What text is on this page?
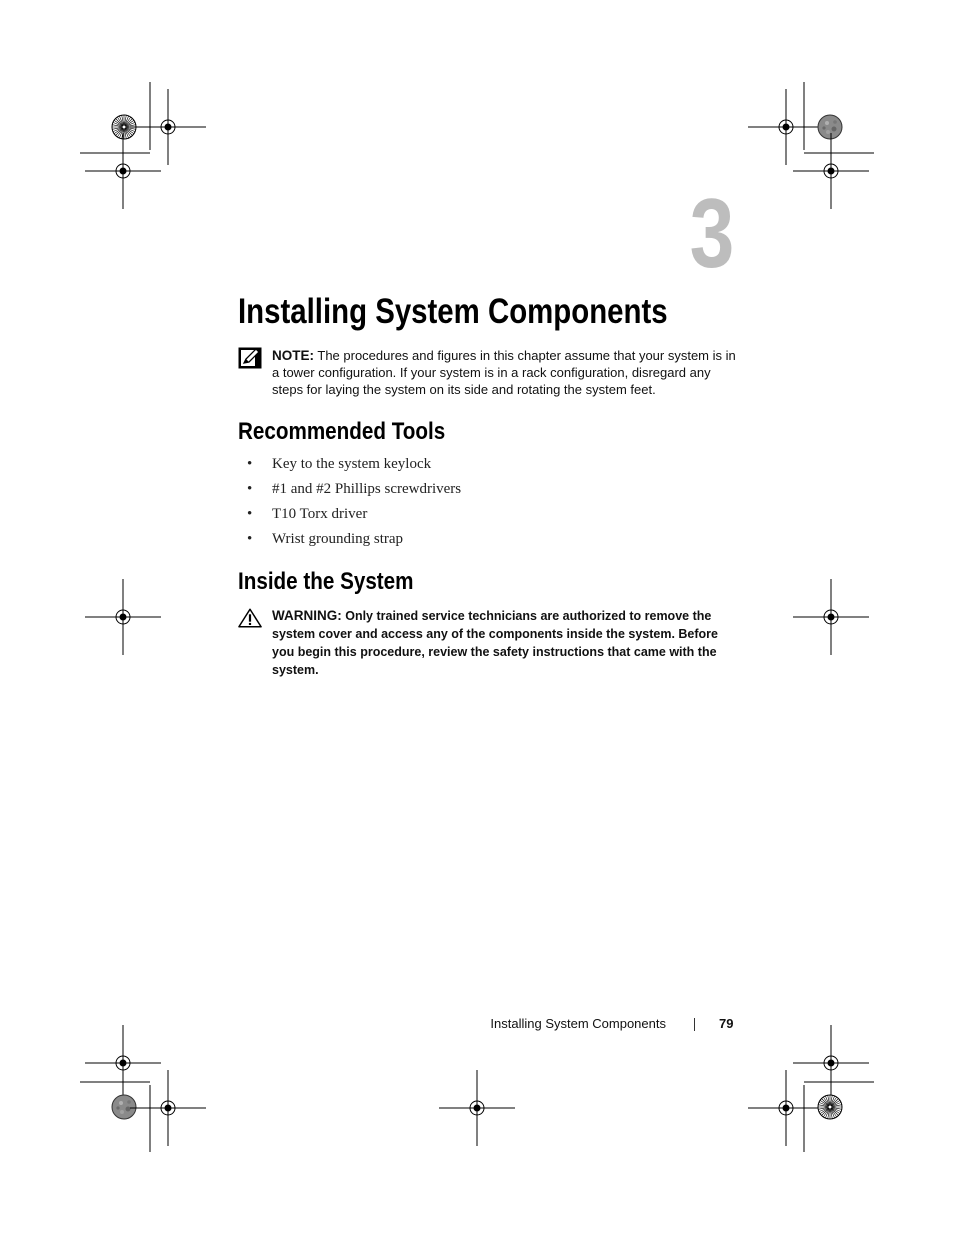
3
Installing System Components
NOTE: The procedures and figures in this chapter assume that your system is in a tower configuration. If your system is in a rack configuration, disregard any steps for laying the system on its side and rotating the system feet.
Recommended Tools
• Key to the system keylock
• #1 and #2 Phillips screwdrivers
• T10 Torx driver
• Wrist grounding strap
Inside the System
WARNING: Only trained service technicians are authorized to remove the system cover and access any of the components inside the system. Before you begin this procedure, review the safety instructions that came with the system.
Installing System Components	79
